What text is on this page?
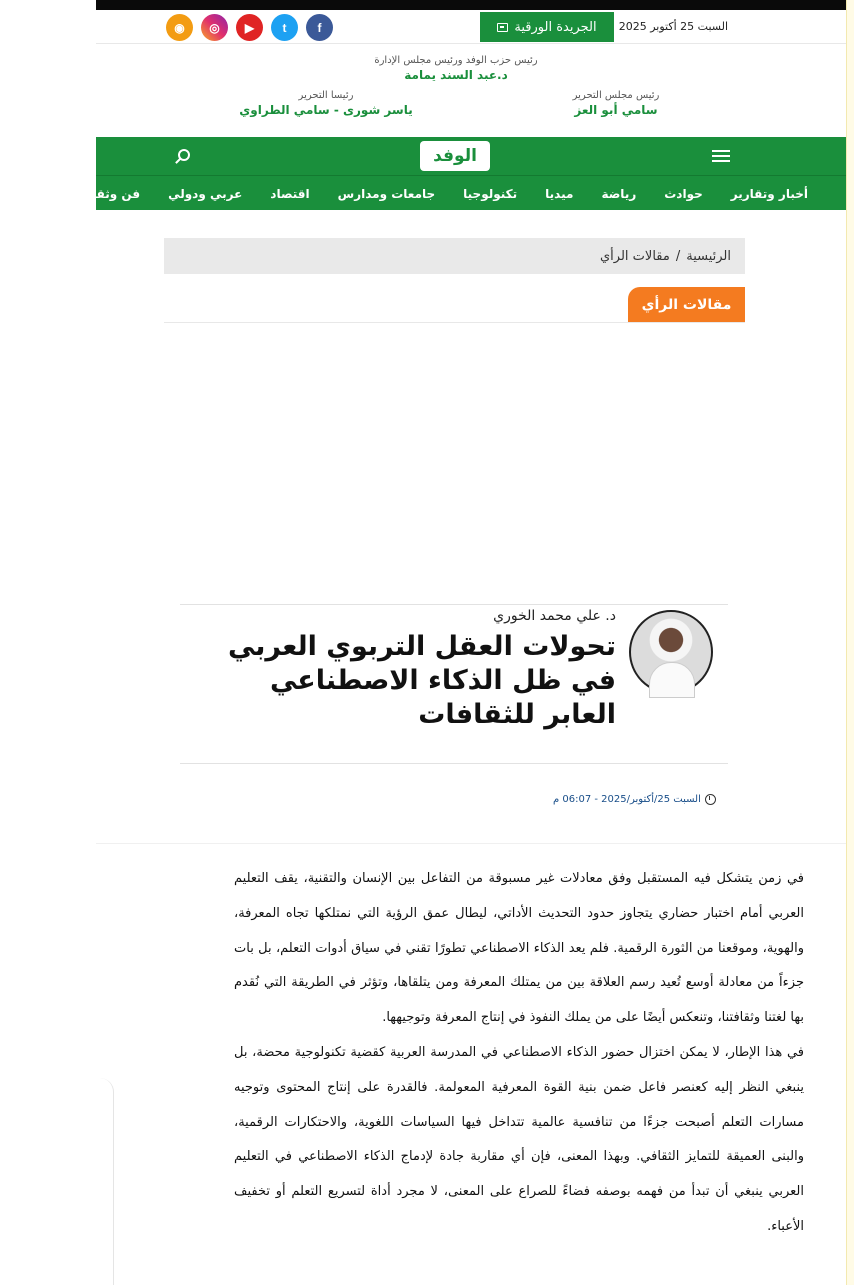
السبت 25 أكتوبر 2025
الجريدة الورقية
◉	◎	▶	t	f
رئيس حزب الوفد ورئيس مجلس الإدارة
د.عبد السند يمامة
رئيس مجلس التحرير
سامي أبو العز
رئيسا التحرير
ياسر شورى - سامي الطراوي
الوفد
أخبار وتقارير
حوادث
رياضة
ميديا
تكنولوجيا
جامعات ومدارس
اقتصاد
عربي ودولي
فن وثقافة
المرأة
الرئيسية
/
مقالات الرأي
مقالات الرأي
د. علي محمد الخوري
تحولات العقل التربوي العربي في ظل الذكاء الاصطناعي العابر للثقافات
السبت 25/أكتوبر/2025 - 06:07 م

في زمن يتشكل فيه المستقبل وفق معادلات غير مسبوقة من التفاعل بين الإنسان والتقنية، يقف التعليم العربي أمام اختبار حضاري يتجاوز حدود التحديث الأداتي، ليطال عمق الرؤية التي نمتلكها تجاه المعرفة، والهوية، وموقعنا من الثورة الرقمية. فلم يعد الذكاء الاصطناعي تطورًا تقني في سياق أدوات التعلم، بل بات جزءاً من معادلة أوسع تُعيد رسم العلاقة بين من يمتلك المعرفة ومن يتلقاها، وتؤثر في الطريقة التي نُقدم بها لغتنا وثقافتنا، وتنعكس أيضًا على من يملك النفوذ في إنتاج المعرفة وتوجيهها.

في هذا الإطار، لا يمكن اختزال حضور الذكاء الاصطناعي في المدرسة العربية كقضية تكنولوجية محضة، بل ينبغي النظر إليه كعنصر فاعل ضمن بنية القوة المعرفية المعولمة. فالقدرة على إنتاج المحتوى وتوجيه مسارات التعلم أصبحت جزءًا من تنافسية عالمية تتداخل فيها السياسات اللغوية، والاحتكارات الرقمية، والبنى العميقة للتمايز الثقافي. وبهذا المعنى، فإن أي مقاربة جادة لإدماج الذكاء الاصطناعي في التعليم العربي ينبغي أن تبدأ من فهمه بوصفه فضاءً للصراع على المعنى، لا مجرد أداة لتسريع التعلم أو تخفيف الأعباء.
